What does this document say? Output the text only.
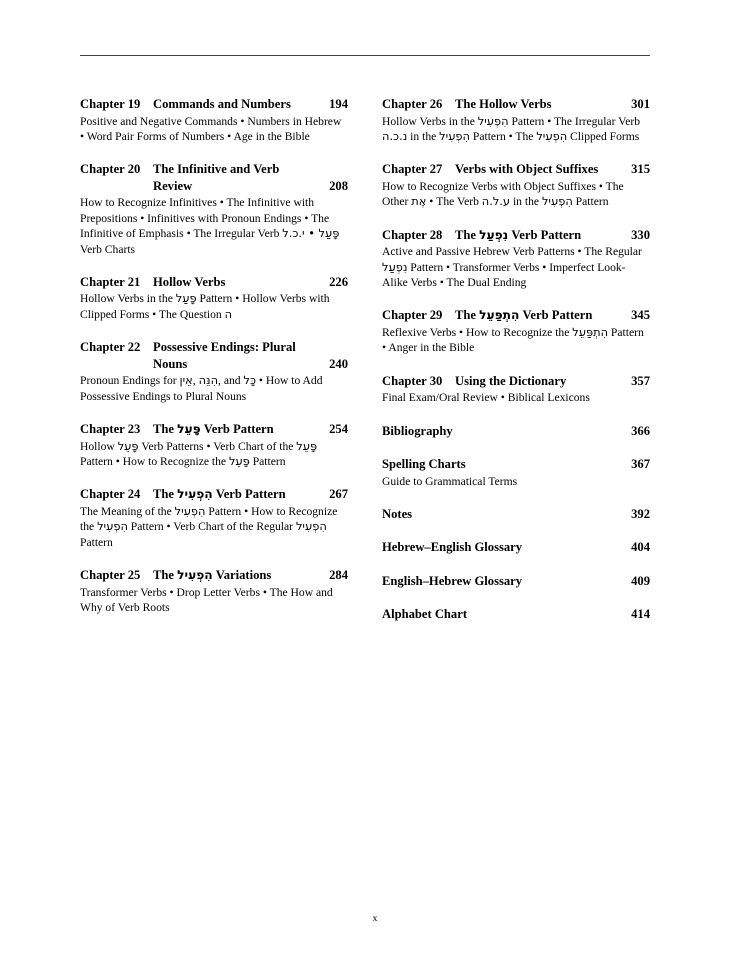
Chapter 19	Commands and Numbers	194
Positive and Negative Commands • Numbers in Hebrew • Word Pair Forms of Numbers • Age in the Bible
Chapter 20 The Infinitive and Verb Review	208
How to Recognize Infinitives • The Infinitive with Prepositions • Infinitives with Pronoun Endings • The Infinitive of Emphasis • The Irregular Verb פָּעַל • י.כ.ל Verb Charts
Chapter 21	Hollow Verbs	226
Hollow Verbs in the פָּעַל Pattern • Hollow Verbs with Clipped Forms • The Question ה
Chapter 22 Possessive Endings: Plural Nouns	240
Pronoun Endings for אֵין, הִנֵּה, and כָּל • How to Add Possessive Endings to Plural Nouns
Chapter 23	The פָּעֵל Verb Pattern	254
Hollow פָּעֵל Verb Patterns • Verb Chart of the פָּעֵל Pattern • How to Recognize the פָּעֵל Pattern
Chapter 24	The הִפְעִיל Verb Pattern	267
The Meaning of the הִפְעִיל Pattern • How to Recognize the הִפְעִיל Pattern • Verb Chart of the Regular הִפְעִיל Pattern
Chapter 25	The הִפְעִיל Variations	284
Transformer Verbs • Drop Letter Verbs • The How and Why of Verb Roots
Chapter 26	The Hollow Verbs	301
Hollow Verbs in the הִפְעִיל Pattern • The Irregular Verb נ.כ.ה in the הִפְעִיל Pattern • The הִפְעִיל Clipped Forms
Chapter 27	Verbs with Object Suffixes	315
How to Recognize Verbs with Object Suffixes • The Other אֶת • The Verb ע.ל.ה in the הִפְעִיל Pattern
Chapter 28	The נִפְעַל Verb Pattern	330
Active and Passive Hebrew Verb Patterns • The Regular נִפְעַל Pattern • Transformer Verbs • Imperfect Look-Alike Verbs • The Dual Ending
Chapter 29	The הִתְפַּעֵל Verb Pattern	345
Reflexive Verbs • How to Recognize the הִתְפַּעֵל Pattern • Anger in the Bible
Chapter 30	Using the Dictionary	357
Final Exam/Oral Review • Biblical Lexicons
Bibliography	366
Spelling Charts	367
Guide to Grammatical Terms
Notes	392
Hebrew–English Glossary	404
English–Hebrew Glossary	409
Alphabet Chart	414
x
